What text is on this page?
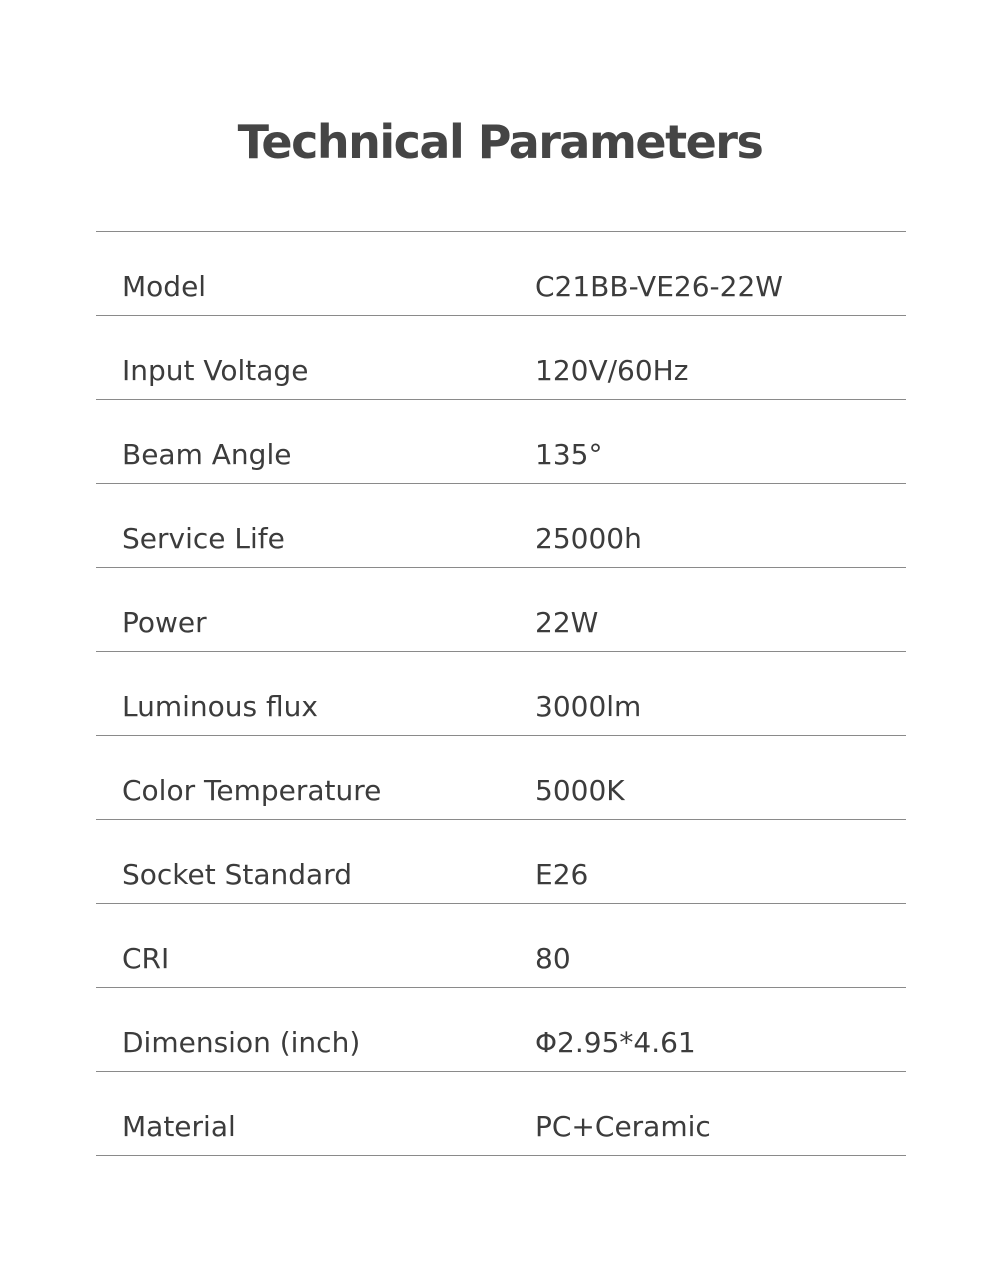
Technical Parameters
Model	C21BB-VE26-22W
Input Voltage	120V/60Hz
Beam Angle	135°
Service Life	25000h
Power	22W
Luminous flux	3000lm
Color Temperature	5000K
Socket Standard	E26
CRI	80
Dimension (inch)	Φ2.95*4.61
Material	PC+Ceramic
